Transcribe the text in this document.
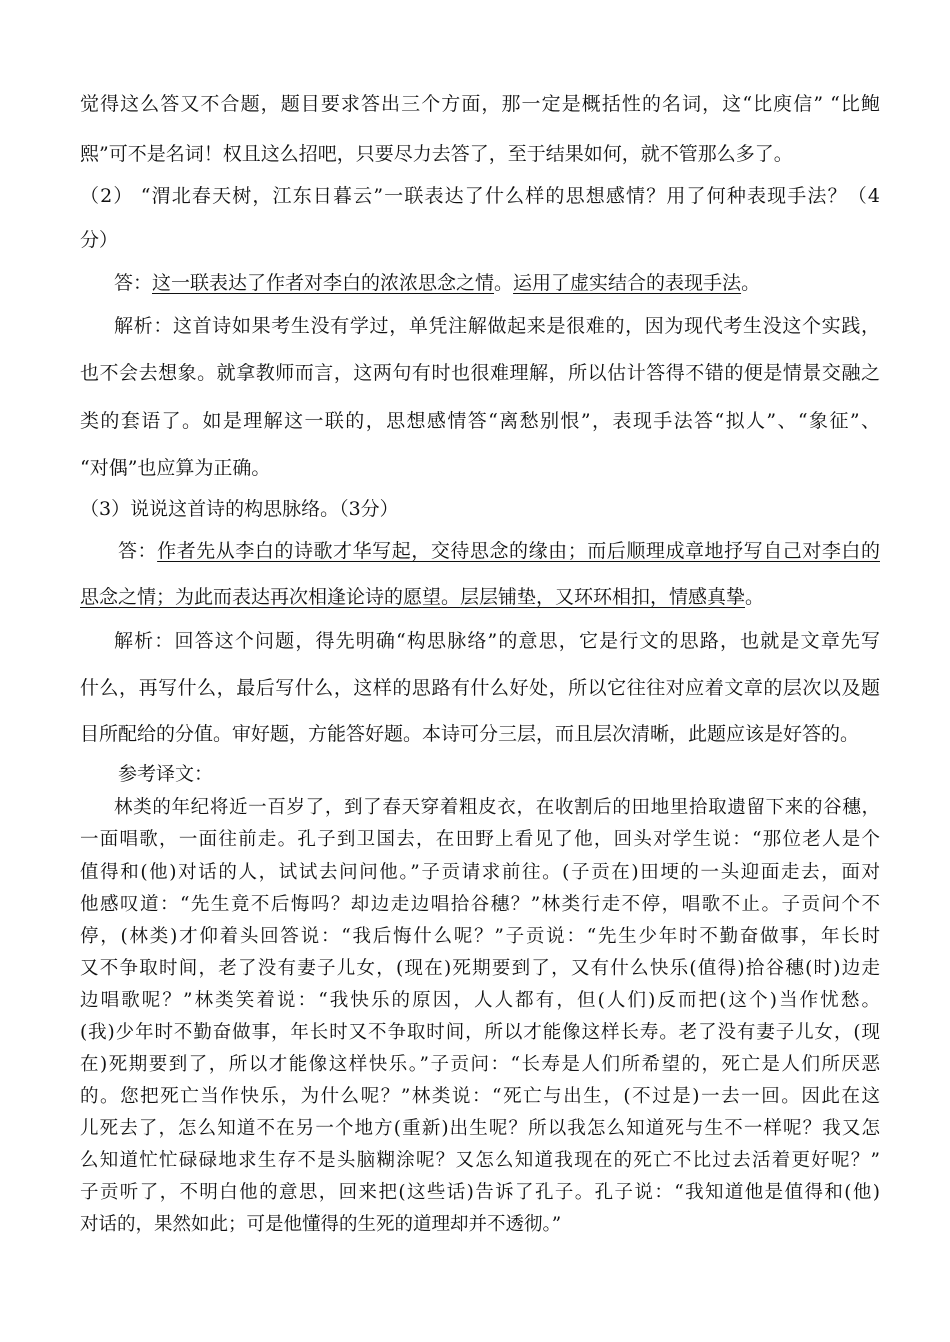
觉得这么答又不合题，题目要求答出三个方面，那一定是概括性的名词，这“比庾信” “比鲍
熙”可不是名词！权且这么招吧，只要尽力去答了，至于结果如何，就不管那么多了。
（2） “渭北春天树，江东日暮云”一联表达了什么样的思想感情？用了何种表现手法？（4
分）
答：这一联表达了作者对李白的浓浓思念之情。运用了虚实结合的表现手法。
解析：这首诗如果考生没有学过，单凭注解做起来是很难的，因为现代考生没这个实践，
也不会去想象。就拿教师而言，这两句有时也很难理解，所以估计答得不错的便是情景交融之
类的套语了。如是理解这一联的，思想感情答“离愁别恨”，表现手法答“拟人”、“象征”、
“对偶”也应算为正确。
（3）说说这首诗的构思脉络。（3分）
答：作者先从李白的诗歌才华写起，交待思念的缘由；而后顺理成章地抒写自己对李白的
思念之情；为此而表达再次相逢论诗的愿望。层层铺垫，又环环相扣，情感真挚。
解析：回答这个问题，得先明确“构思脉络”的意思，它是行文的思路，也就是文章先写
什么，再写什么，最后写什么，这样的思路有什么好处，所以它往往对应着文章的层次以及题
目所配给的分值。审好题，方能答好题。本诗可分三层，而且层次清晰，此题应该是好答的。
参考译文：
林类的年纪将近一百岁了，到了春天穿着粗皮衣，在收割后的田地里拾取遗留下来的谷穗，
一面唱歌，一面往前走。孔子到卫国去，在田野上看见了他，回头对学生说：“那位老人是个
值得和(他)对话的人，试试去问问他。”子贡请求前往。(子贡在)田埂的一头迎面走去，面对
他感叹道：“先生竟不后悔吗？却边走边唱拾谷穗？”林类行走不停，唱歌不止。子贡问个不
停，(林类)才仰着头回答说：“我后悔什么呢？”子贡说：“先生少年时不勤奋做事，年长时
又不争取时间，老了没有妻子儿女，(现在)死期要到了，又有什么快乐(值得)拾谷穗(时)边走
边唱歌呢？”林类笑着说：“我快乐的原因，人人都有，但(人们)反而把(这个)当作忧愁。
(我)少年时不勤奋做事，年长时又不争取时间，所以才能像这样长寿。老了没有妻子儿女，(现
在)死期要到了，所以才能像这样快乐。”子贡问：“长寿是人们所希望的，死亡是人们所厌恶
的。您把死亡当作快乐，为什么呢？”林类说：“死亡与出生，(不过是)一去一回。因此在这
儿死去了，怎么知道不在另一个地方(重新)出生呢？所以我怎么知道死与生不一样呢？我又怎
么知道忙忙碌碌地求生存不是头脑糊涂呢？又怎么知道我现在的死亡不比过去活着更好呢？”
子贡听了，不明白他的意思，回来把(这些话)告诉了孔子。孔子说：“我知道他是值得和(他)
对话的，果然如此；可是他懂得的生死的道理却并不透彻。”
